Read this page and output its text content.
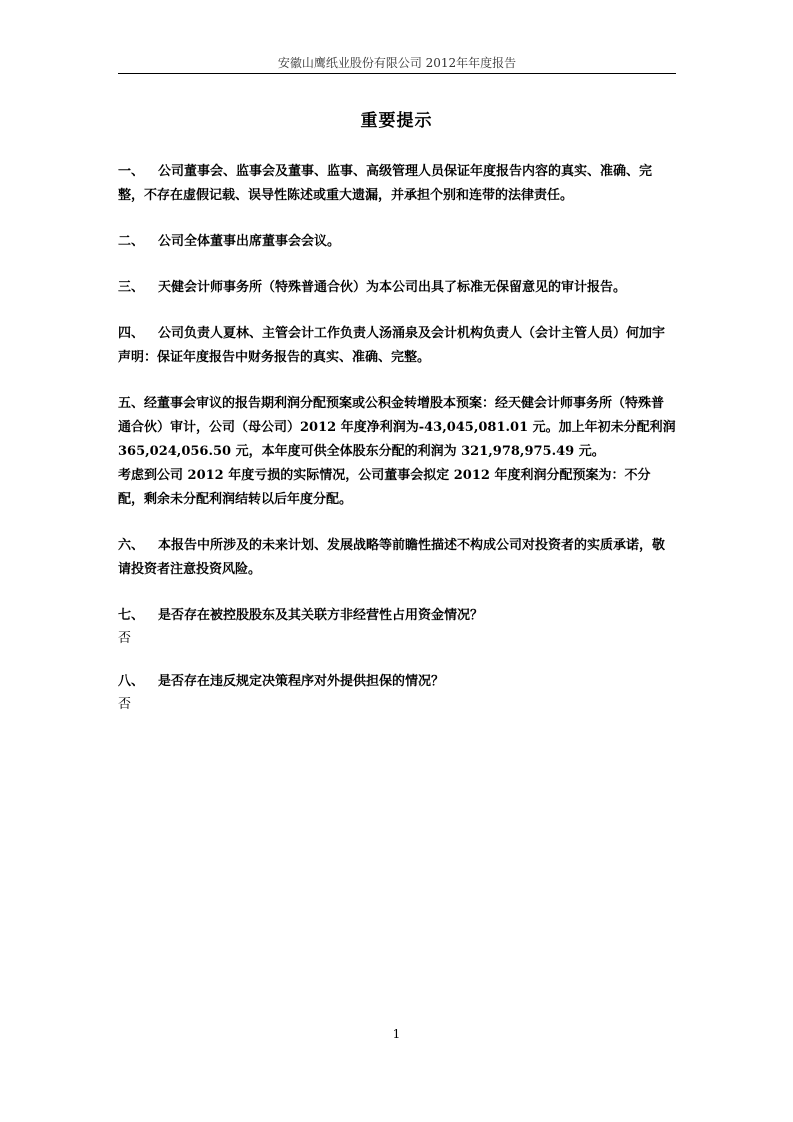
安徽山鹰纸业股份有限公司 2012年年度报告
重要提示
一、 公司董事会、监事会及董事、监事、高级管理人员保证年度报告内容的真实、准确、完整，不存在虚假记载、误导性陈述或重大遗漏，并承担个别和连带的法律责任。
二、 公司全体董事出席董事会会议。
三、 天健会计师事务所（特殊普通合伙）为本公司出具了标准无保留意见的审计报告。
四、 公司负责人夏林、主管会计工作负责人汤涌泉及会计机构负责人（会计主管人员）何加宇声明：保证年度报告中财务报告的真实、准确、完整。
五、经董事会审议的报告期利润分配预案或公积金转增股本预案：经天健会计师事务所（特殊普通合伙）审计，公司（母公司）2012 年度净利润为-43,045,081.01 元。加上年初未分配利润 365,024,056.50 元，本年度可供全体股东分配的利润为 321,978,975.49 元。
考虑到公司 2012 年度亏损的实际情况，公司董事会拟定 2012 年度利润分配预案为：不分配，剩余未分配利润结转以后年度分配。
六、 本报告中所涉及的未来计划、发展战略等前瞻性描述不构成公司对投资者的实质承诺，敬请投资者注意投资风险。
七、 是否存在被控股股东及其关联方非经营性占用资金情况？
否
八、 是否存在违反规定决策程序对外提供担保的情况？
否
1
